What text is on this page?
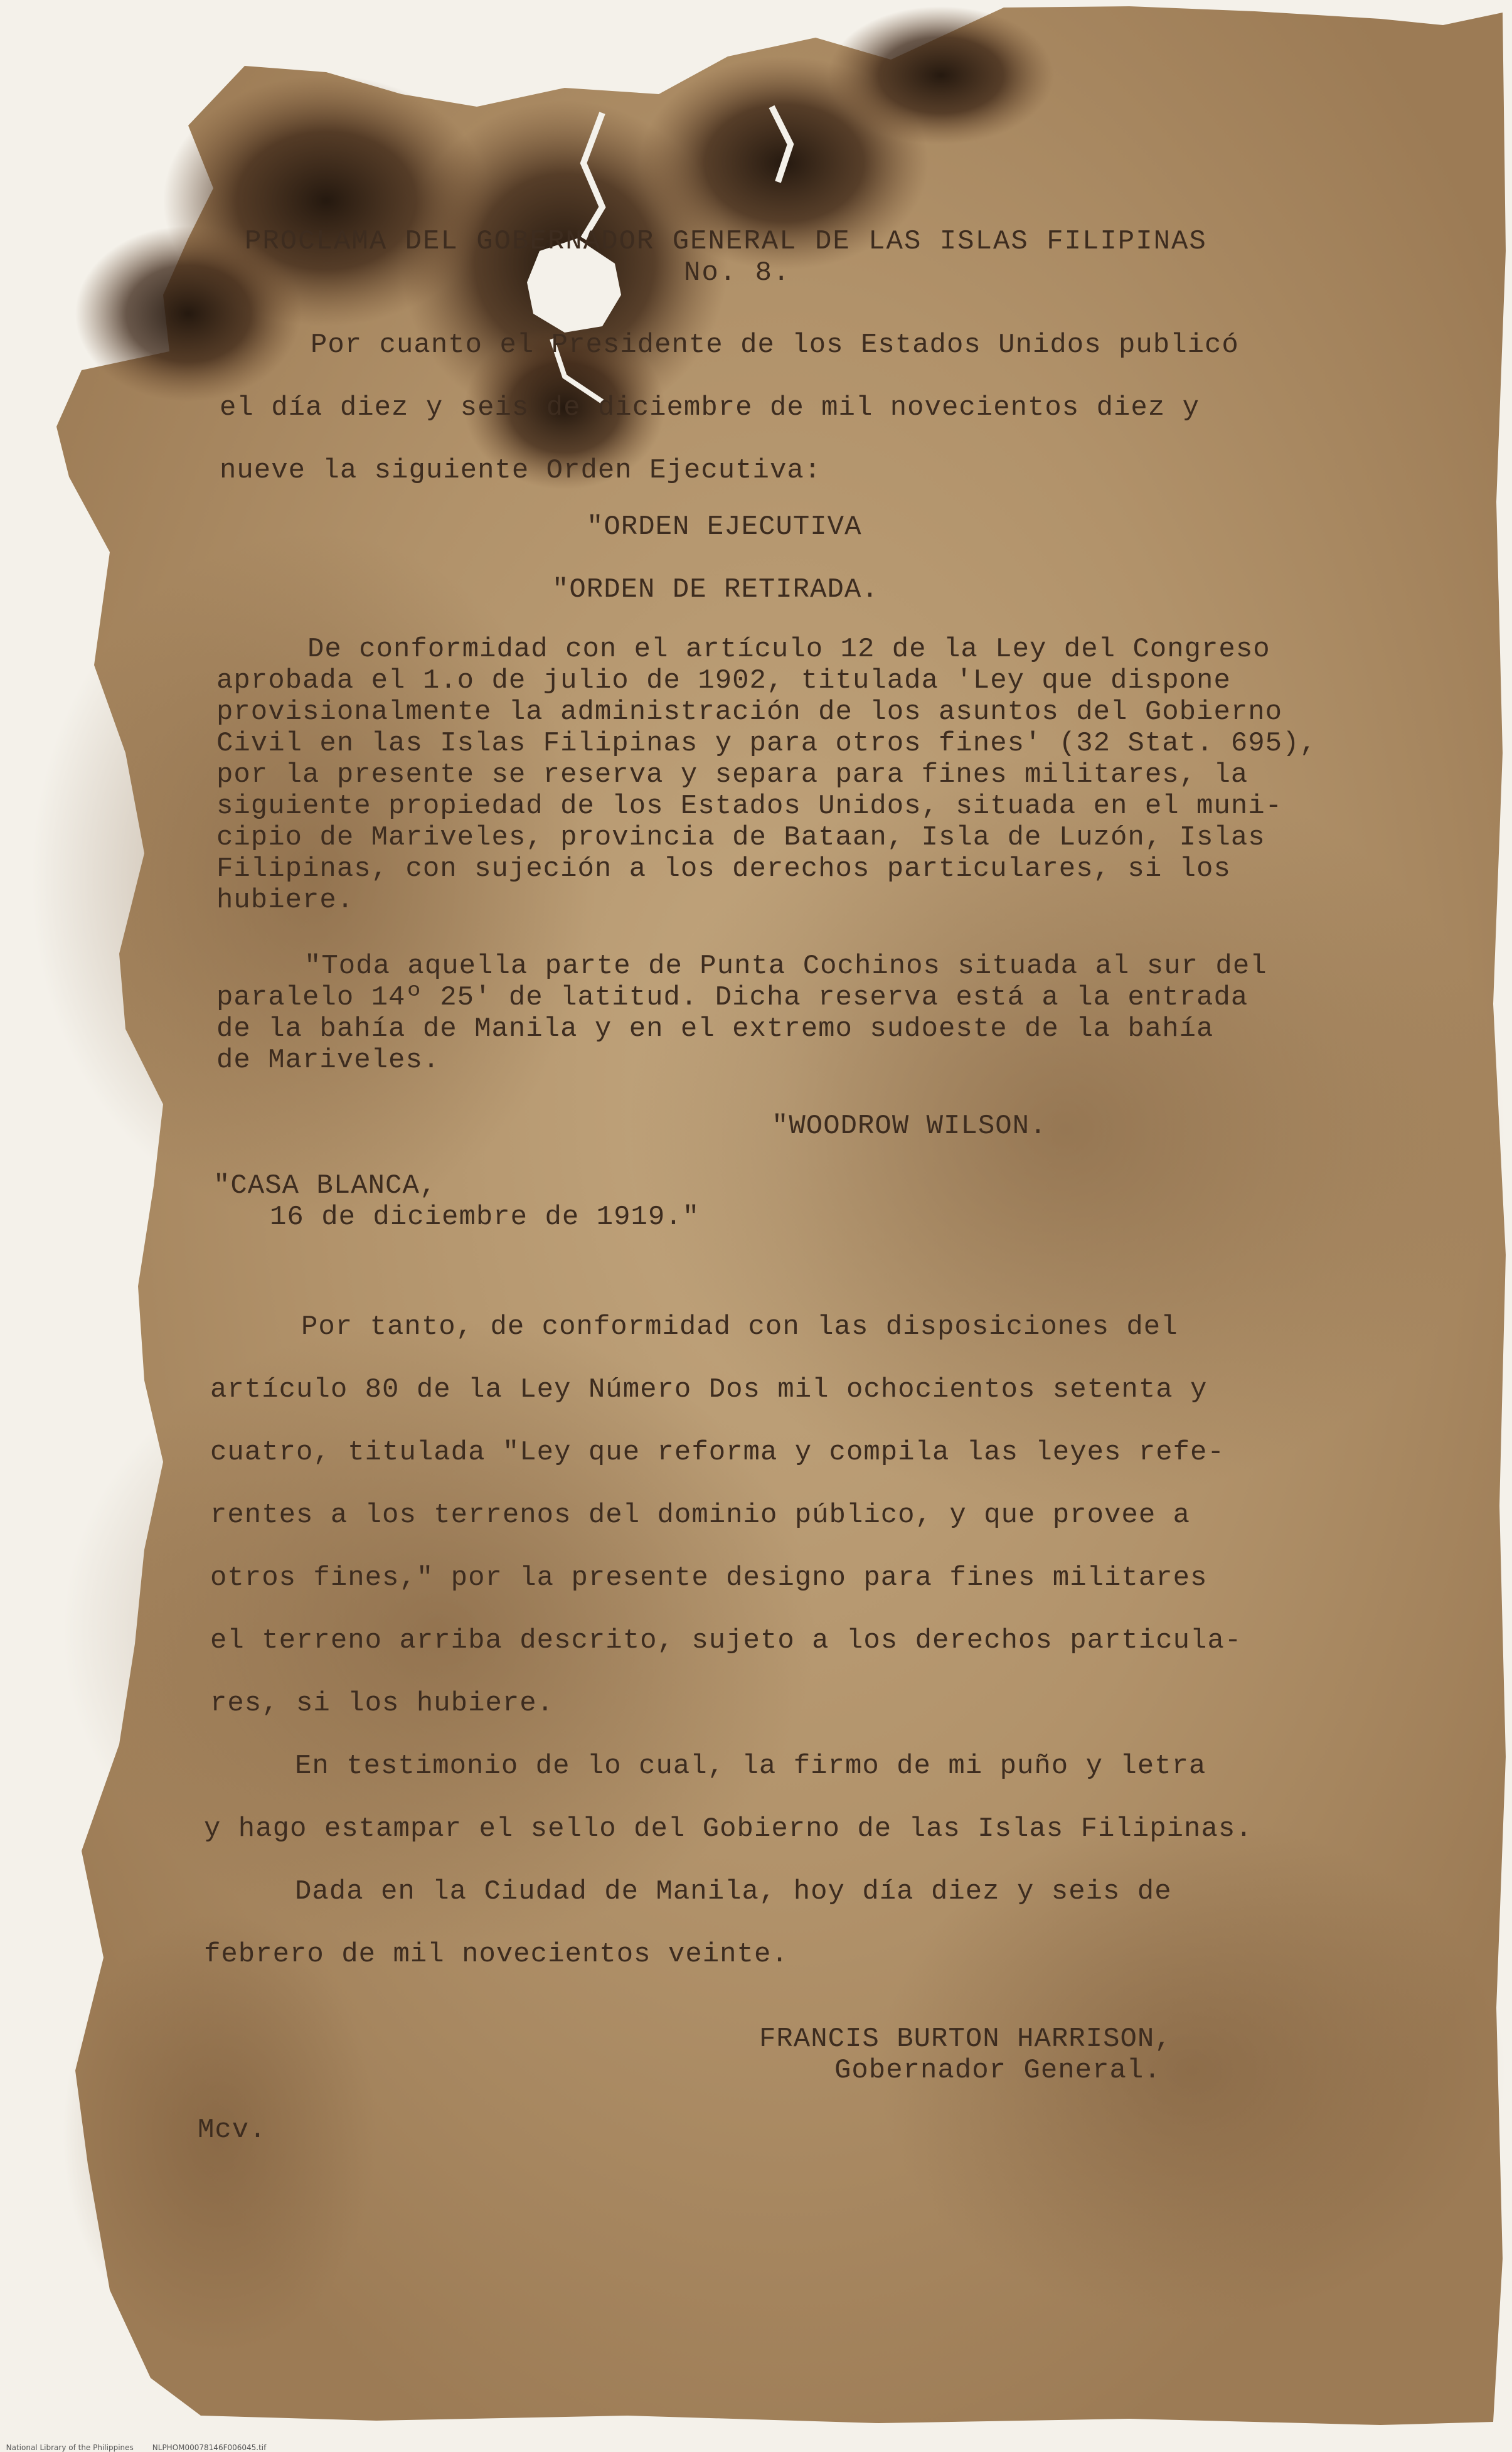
PROCLAMA DEL GOBERNADOR GENERAL DE LAS ISLAS FILIPINAS
No. 8.
Por cuanto el Presidente de los Estados Unidos publicó
el día diez y seis de diciembre de mil novecientos diez y
nueve la siguiente Orden Ejecutiva:
"ORDEN EJECUTIVA
"ORDEN DE RETIRADA.
De conformidad con el artículo 12 de la Ley del Congreso
aprobada el 1.o de julio de 1902, titulada 'Ley que dispone
provisionalmente la administración de los asuntos del Gobierno
Civil en las Islas Filipinas y para otros fines' (32 Stat. 695),
por la presente se reserva y separa para fines militares, la
siguiente propiedad de los Estados Unidos, situada en el muni-
cipio de Mariveles, provincia de Bataan, Isla de Luzón, Islas
Filipinas, con sujeción a los derechos particulares, si los
hubiere.
"Toda aquella parte de Punta Cochinos situada al sur del
paralelo 14º 25' de latitud. Dicha reserva está a la entrada
de la bahía de Manila y en el extremo sudoeste de la bahía
de Mariveles.
"WOODROW WILSON.
"CASA BLANCA,
16 de diciembre de 1919."
Por tanto, de conformidad con las disposiciones del
artículo 80 de la Ley Número Dos mil ochocientos setenta y
cuatro, titulada "Ley que reforma y compila las leyes refe-
rentes a los terrenos del dominio público, y que provee a
otros fines," por la presente designo para fines militares
el terreno arriba descrito, sujeto a los derechos particula-
res, si los hubiere.
En testimonio de lo cual, la firmo de mi puño y letra
y hago estampar el sello del Gobierno de las Islas Filipinas.
Dada en la Ciudad de Manila, hoy día diez y seis de
febrero de mil novecientos veinte.
FRANCIS BURTON HARRISON,
Gobernador General.
Mcv.

National Library of the Philippines	NLPHOM00078146F006045.tif
